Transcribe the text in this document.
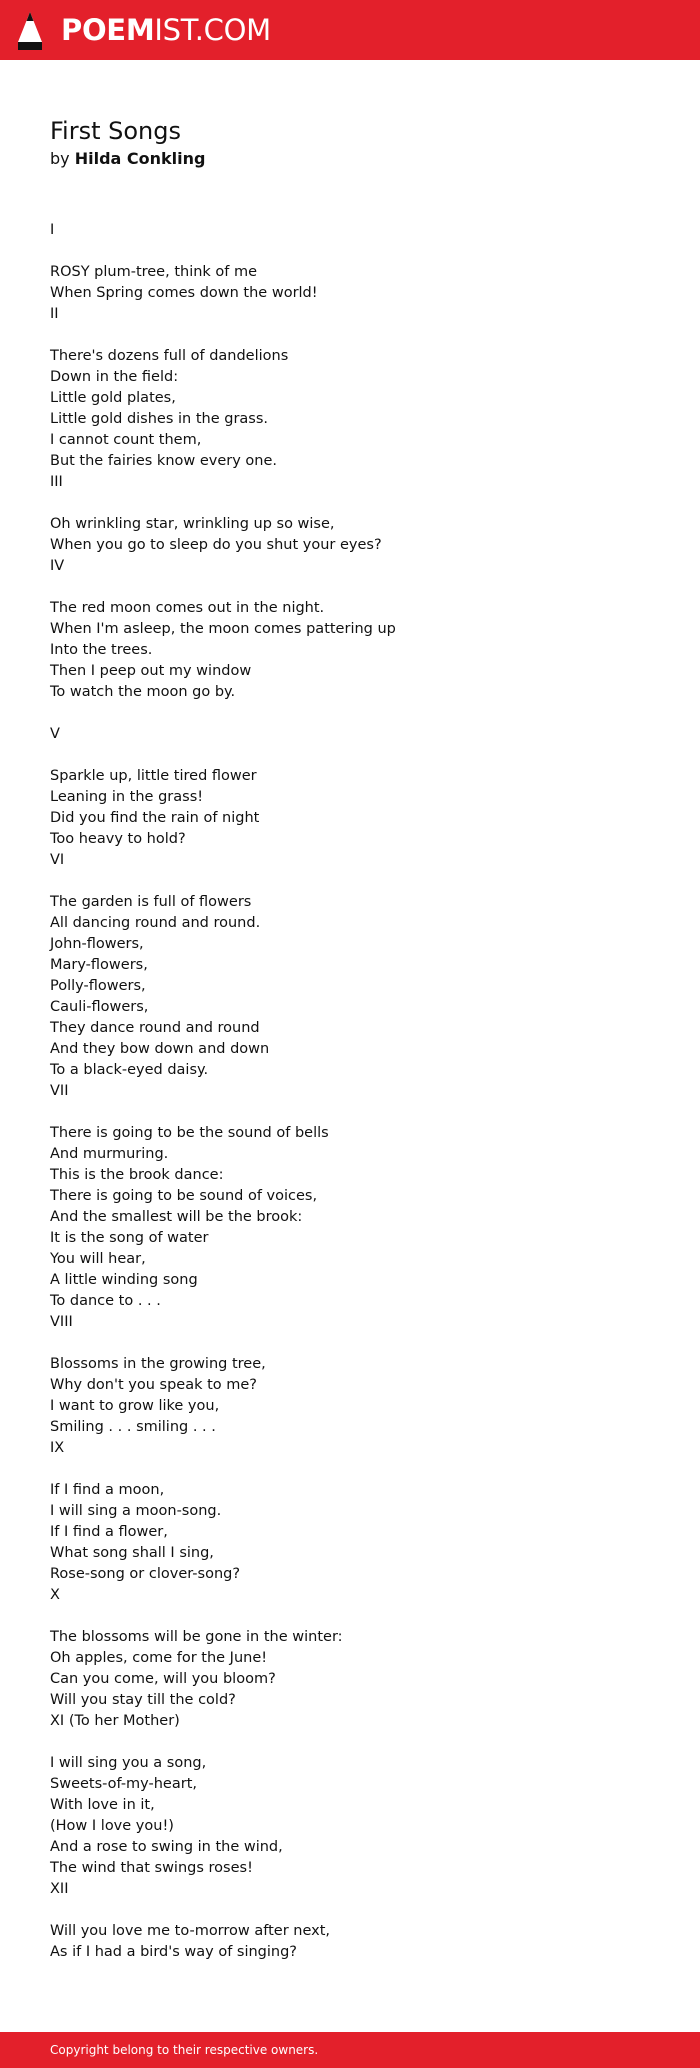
POEMIST.COM
First Songs

by Hilda Conkling

I

ROSY plum-tree, think of me
When Spring comes down the world!
II

There's dozens full of dandelions
Down in the field:
Little gold plates,
Little gold dishes in the grass.
I cannot count them,
But the fairies know every one.
III

Oh wrinkling star, wrinkling up so wise,
When you go to sleep do you shut your eyes?
IV

The red moon comes out in the night.
When I'm asleep, the moon comes pattering up
Into the trees.
Then I peep out my window
To watch the moon go by.

V

Sparkle up, little tired flower
Leaning in the grass!
Did you find the rain of night
Too heavy to hold?
VI

The garden is full of flowers
All dancing round and round.
John-flowers,
Mary-flowers,
Polly-flowers,
Cauli-flowers,
They dance round and round
And they bow down and down
To a black-eyed daisy.
VII

There is going to be the sound of bells
And murmuring.
This is the brook dance:
There is going to be sound of voices,
And the smallest will be the brook:
It is the song of water
You will hear,
A little winding song
To dance to . . .
VIII

Blossoms in the growing tree,
Why don't you speak to me?
I want to grow like you,
Smiling . . . smiling . . .
IX

If I find a moon,
I will sing a moon-song.
If I find a flower,
What song shall I sing,
Rose-song or clover-song?
X

The blossoms will be gone in the winter:
Oh apples, come for the June!
Can you come, will you bloom?
Will you stay till the cold?
XI (To her Mother)

I will sing you a song,
Sweets-of-my-heart,
With love in it,
(How I love you!)
And a rose to swing in the wind,
The wind that swings roses!
XII

Will you love me to-morrow after next,
As if I had a bird's way of singing?
Copyright belong to their respective owners.
